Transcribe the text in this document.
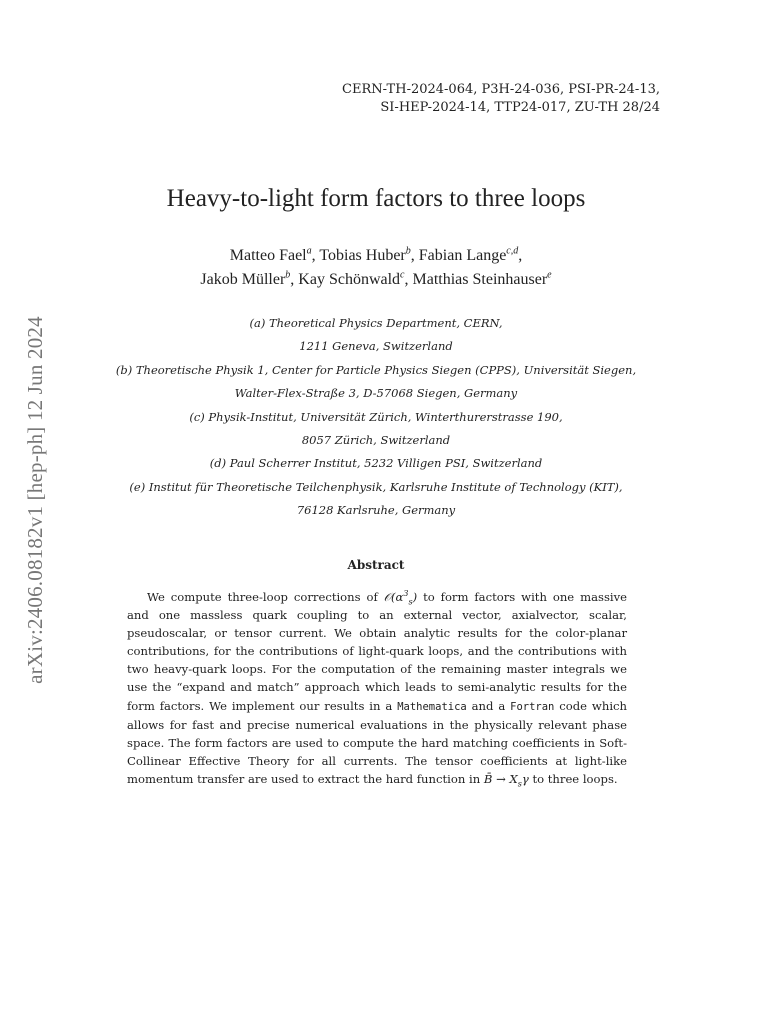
CERN-TH-2024-064, P3H-24-036, PSI-PR-24-13,
SI-HEP-2024-14, TTP24-017, ZU-TH 28/24
arXiv:2406.08182v1 [hep-ph] 12 Jun 2024
Heavy-to-light form factors to three loops
Matteo Fael$^a$, Tobias Huber$^b$, Fabian Lange$^{c,d}$,
Jakob Müller$^b$, Kay Schönwald$^c$, Matthias Steinhauser$^e$
(a) Theoretical Physics Department, CERN,
1211 Geneva, Switzerland
(b) Theoretische Physik 1, Center for Particle Physics Siegen (CPPS), Universität Siegen,
Walter-Flex-Straße 3, D-57068 Siegen, Germany
(c) Physik-Institut, Universität Zürich, Winterthurerstrasse 190,
8057 Zürich, Switzerland
(d) Paul Scherrer Institut, 5232 Villigen PSI, Switzerland
(e) Institut für Theoretische Teilchenphysik, Karlsruhe Institute of Technology (KIT),
76128 Karlsruhe, Germany
Abstract

We compute three-loop corrections of $𝒪(\alpha^3_s)$ to form factors with one massive and one massless quark coupling to an external vector, axialvector, scalar, pseudoscalar, or tensor current. We obtain analytic results for the color-planar contributions, for the contributions of light-quark loops, and the contributions with two heavy-quark loops. For the computation of the remaining master integrals we use the “expand and match” approach which leads to semi-analytic results for the form factors. We implement our results in a Mathematica and a Fortran code which allows for fast and precise numerical evaluations in the physically relevant phase space. The form factors are used to compute the hard matching coefficients in Soft-Collinear Effective Theory for all currents. The tensor coefficients at light-like momentum transfer are used to extract the hard function in B̄ → $X_s\gamma$ to three loops.
